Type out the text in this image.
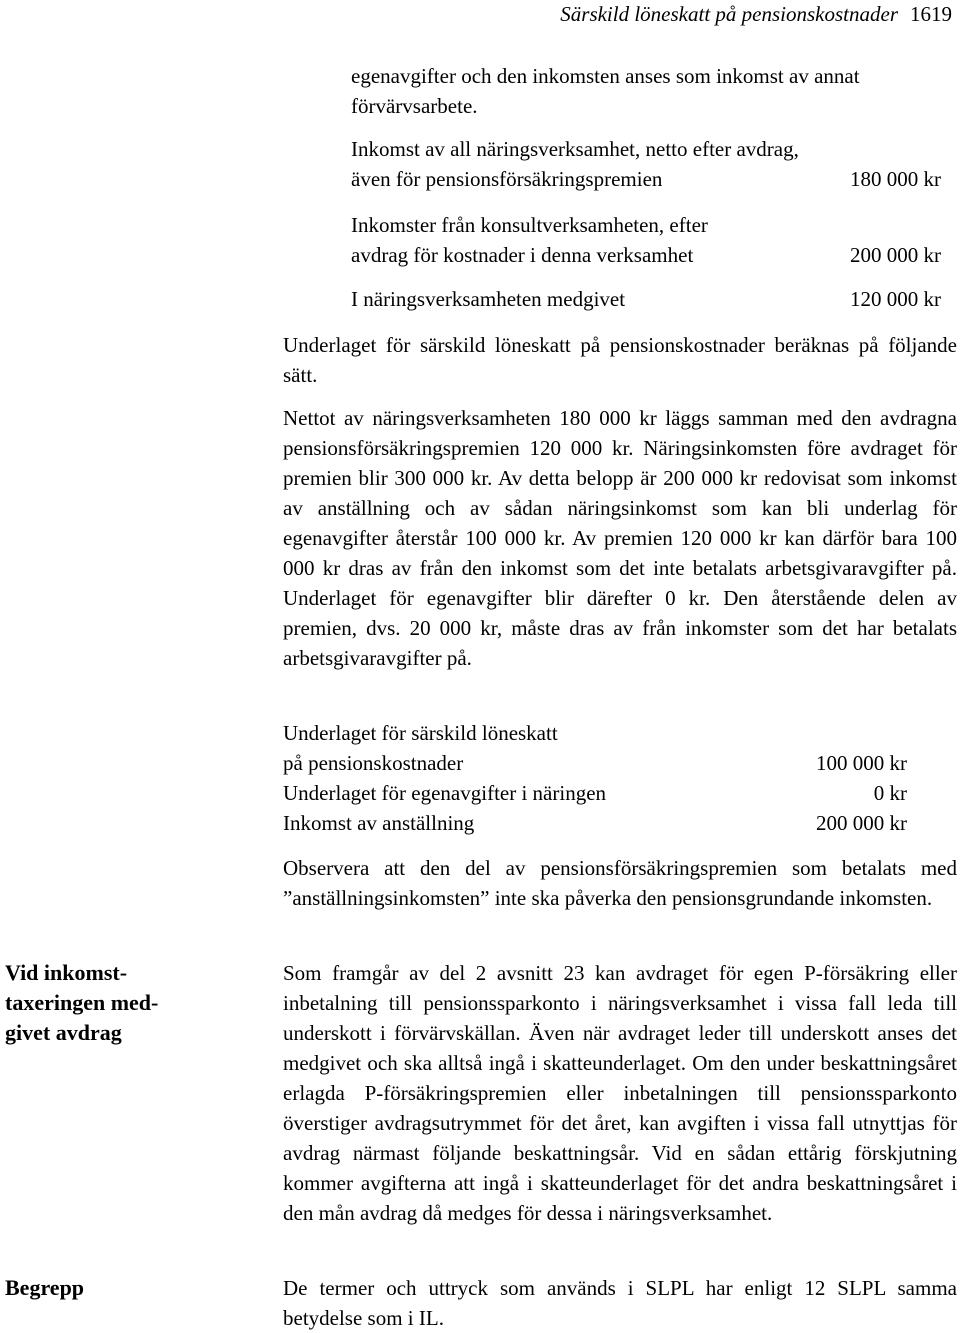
Särskild löneskatt på pensionskostnader 1619
egenavgifter och den inkomsten anses som inkomst av annat
förvärvsarbete.
Inkomst av all näringsverksamhet, netto efter avdrag,
även för pensionsförsäkringspremien	180 000 kr
Inkomster från konsultverksamheten, efter
avdrag för kostnader i denna verksamhet	200 000 kr
I näringsverksamheten medgivet	120 000 kr

Underlaget för särskild löneskatt på pensionskostnader beräknas på följande sätt.

Nettot av näringsverksamheten 180 000 kr läggs samman med den avdragna pensionsförsäkringspremien 120 000 kr. Näringsinkomsten före avdraget för premien blir 300 000 kr. Av detta belopp är 200 000 kr redovisat som inkomst av anställning och av sådan näringsinkomst som kan bli underlag för egenavgifter återstår 100 000 kr. Av premien 120 000 kr kan därför bara 100 000 kr dras av från den inkomst som det inte betalats arbetsgivaravgifter på. Underlaget för egenavgifter blir därefter 0 kr. Den återstående delen av premien, dvs. 20 000 kr, måste dras av från inkomster som det har betalats arbetsgivaravgifter på.

Underlaget för särskild löneskatt
på pensionskostnader	100 000 kr
Underlaget för egenavgifter i näringen	0 kr
Inkomst av anställning	200 000 kr

Observera att den del av pensionsförsäkringspremien som betalats med ”anställningsinkomsten” inte ska påverka den pensionsgrundande inkomsten.

Vid inkomst-
taxeringen med-
givet avdrag

Som framgår av del 2 avsnitt 23 kan avdraget för egen P-försäkring eller inbetalning till pensionssparkonto i näringsverksamhet i vissa fall leda till underskott i förvärvskällan. Även när avdraget leder till underskott anses det medgivet och ska alltså ingå i skatteunderlaget. Om den under beskattningsåret erlagda P-försäkringspremien eller inbetalningen till pensionssparkonto överstiger avdragsutrymmet för det året, kan avgiften i vissa fall utnyttjas för avdrag närmast följande beskattningsår. Vid en sådan ettårig förskjutning kommer avgifterna att ingå i skatteunderlaget för det andra beskattningsåret i den mån avdrag då medges för dessa i näringsverksamhet.

Begrepp	De termer och uttryck som används i SLPL har enligt 12 SLPL samma betydelse som i IL.
